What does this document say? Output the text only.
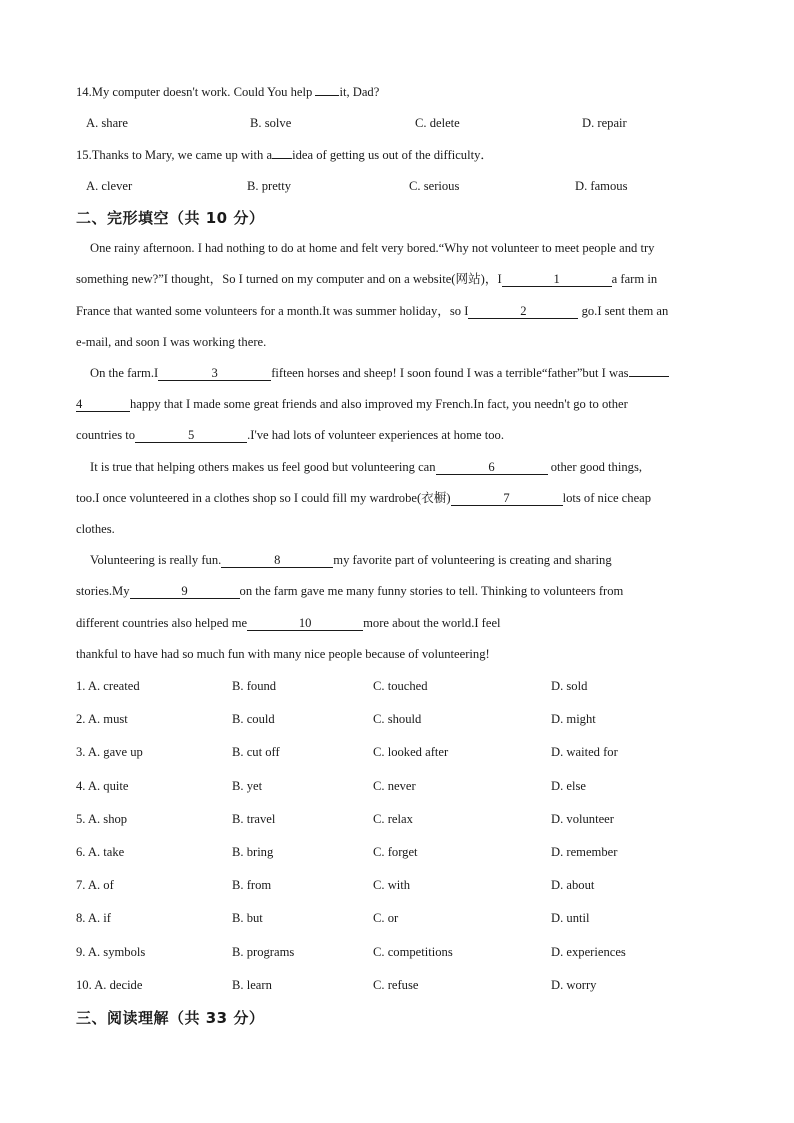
14.My computer doesn't work. Could You help it, Dad?
A. share	B. solve	C. delete	D. repair
15.Thanks to Mary, we came up with a idea of getting us out of the difficulty．
A. clever	B. pretty	C. serious	D. famous
二、完形填空（共 10 分）
One rainy afternoon. I had nothing to do at home and felt very bored.“Why not volunteer to meet people and try
something new?”I thought，So I turned on my computer and on a website(网站)，I	1	a farm in
France that wanted some volunteers for a month.It was summer holiday，so I	2	go.I sent them an
e-mail, and soon I was working there.
On the farm.I	3	fifteen horses and sheep! I soon found I was a terrible“father”but I was
4	happy that I made some great friends and also improved my French.In fact, you needn't go to other
countries to	5	.I've had lots of volunteer experiences at home too.
It is true that helping others makes us feel good but volunteering can	6	other good things,
too.I once volunteered in a clothes shop so I could fill my wardrobe(衣橱)	7	lots of nice cheap
clothes.
Volunteering is really fun.	8	my favorite part of volunteering is creating and sharing
stories.My	9	on the farm gave me many funny stories to tell. Thinking to volunteers from
different countries also helped me	10	more about the world.I feel
thankful to have had so much fun with many nice people because of volunteering!
1. A. created	B. found	C. touched	D. sold
2. A. must	B. could	C. should	D. might
3. A. gave up	B. cut off	C. looked after	D. waited for
4. A. quite	B. yet	C. never	D. else
5. A. shop	B. travel	C. relax	D. volunteer
6. A. take	B. bring	C. forget	D. remember
7. A. of	B. from	C. with	D. about
8. A. if	B. but	C. or	D. until
9. A. symbols	B. programs	C. competitions	D. experiences
10. A. decide	B. learn	C. refuse	D. worry
三、阅读理解（共 33 分）
